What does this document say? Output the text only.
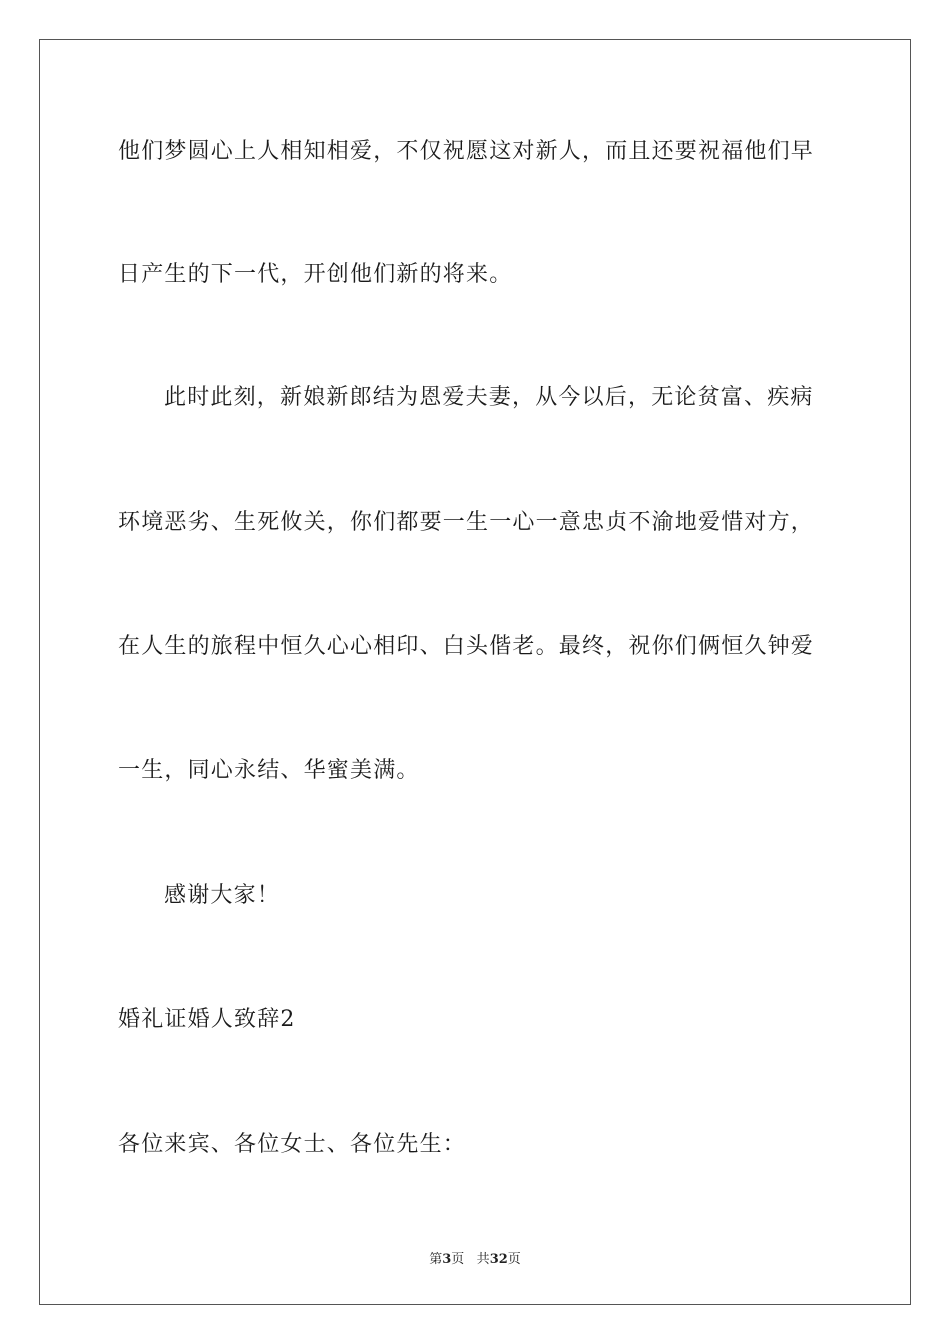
他们梦圆心上人相知相爱，不仅祝愿这对新人，而且还要祝福他们早
日产生的下一代，开创他们新的将来。
此时此刻，新娘新郎结为恩爱夫妻，从今以后，无论贫富、疾病
环境恶劣、生死攸关，你们都要一生一心一意忠贞不渝地爱惜对方，
在人生的旅程中恒久心心相印、白头偕老。最终，祝你们俩恒久钟爱
一生，同心永结、华蜜美满。
感谢大家！
婚礼证婚人致辞2
各位来宾、各位女士、各位先生：
第3页 共32页
